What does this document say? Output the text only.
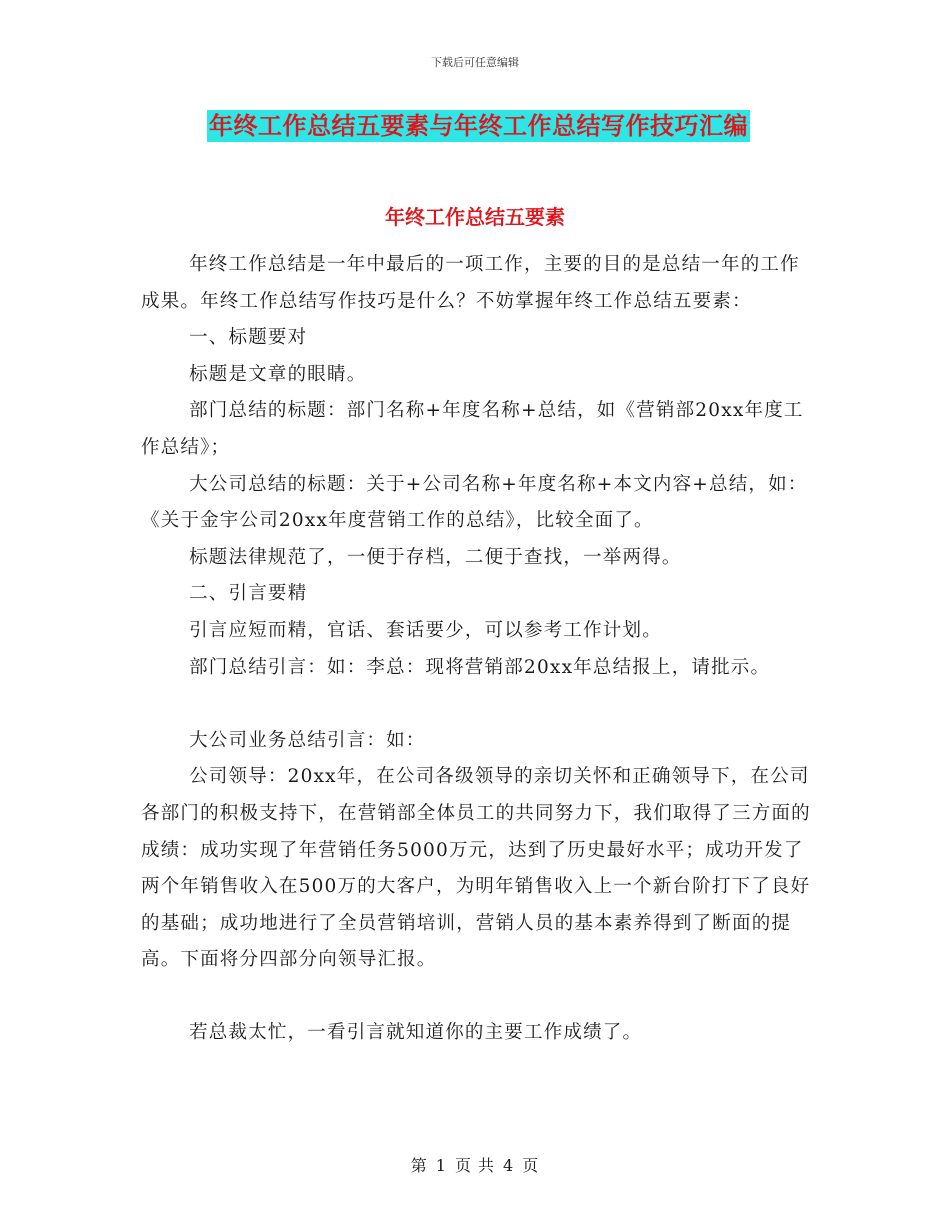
下载后可任意编辑
年终工作总结五要素与年终工作总结写作技巧汇编
年终工作总结五要素

年终工作总结是一年中最后的一项工作，主要的目的是总结一年的工作成果。年终工作总结写作技巧是什么？不妨掌握年终工作总结五要素：

一、标题要对

标题是文章的眼睛。

部门总结的标题：部门名称+年度名称+总结，如《营销部20xx年度工作总结》；

大公司总结的标题：关于+公司名称+年度名称+本文内容+总结，如：《关于金宇公司20xx年度营销工作的总结》，比较全面了。

标题法律规范了，一便于存档，二便于查找，一举两得。

二、引言要精

引言应短而精，官话、套话要少，可以参考工作计划。

部门总结引言：如：李总：现将营销部20xx年总结报上，请批示。

大公司业务总结引言：如：

公司领导：20xx年，在公司各级领导的亲切关怀和正确领导下，在公司各部门的积极支持下，在营销部全体员工的共同努力下，我们取得了三方面的成绩：成功实现了年营销任务5000万元，达到了历史最好水平；成功开发了两个年销售收入在500万的大客户，为明年销售收入上一个新台阶打下了良好的基础；成功地进行了全员营销培训，营销人员的基本素养得到了断面的提高。下面将分四部分向领导汇报。

若总裁太忙，一看引言就知道你的主要工作成绩了。

第 1 页 共 4 页
